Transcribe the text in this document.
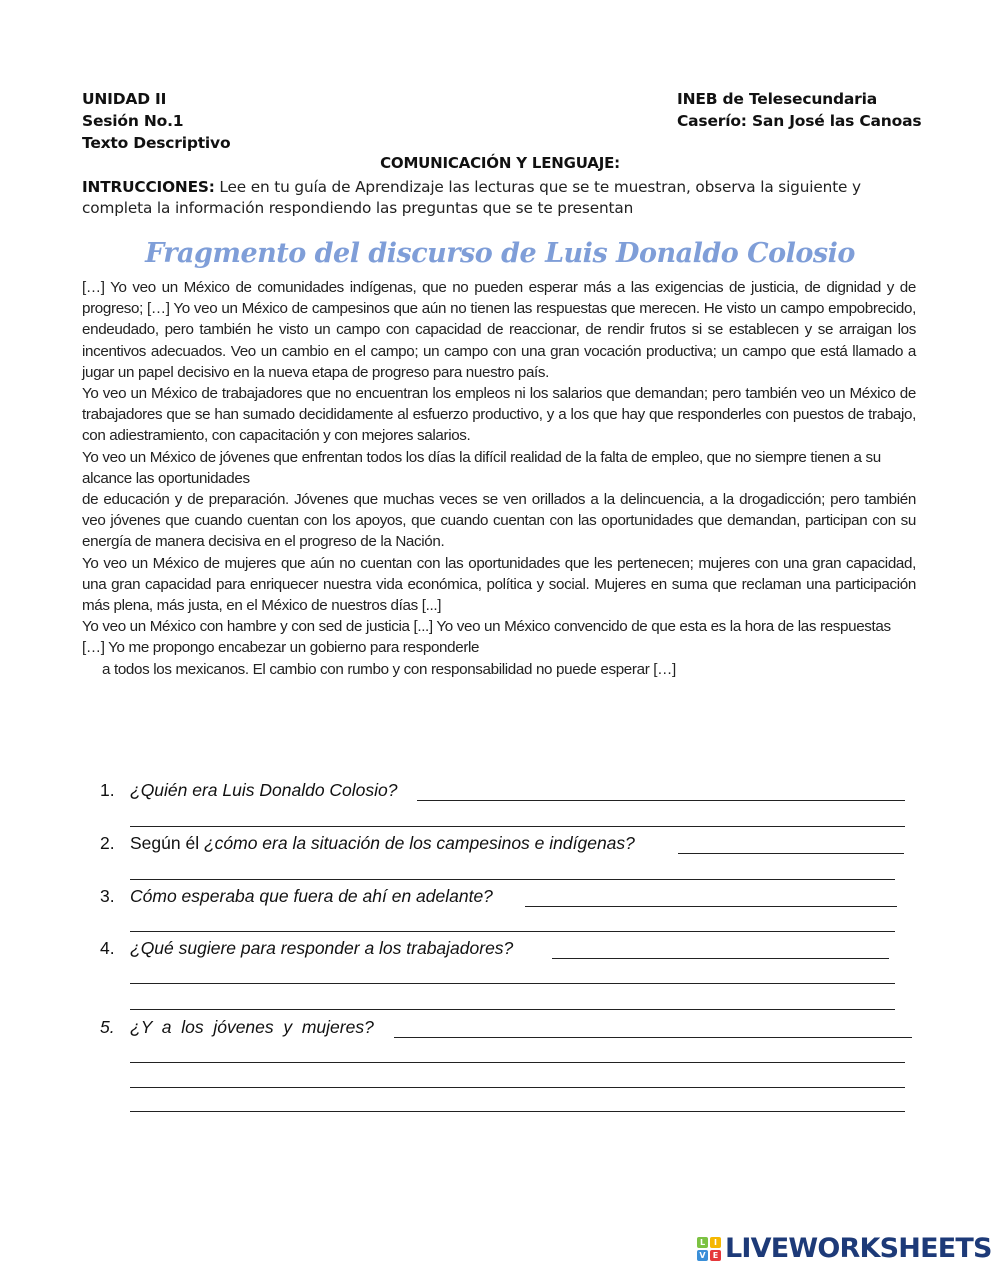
UNIDAD II
Sesión No.1
Texto Descriptivo
INEB de Telesecundaria
Caserío: San José las Canoas
COMUNICACIÓN Y LENGUAJE:
INTRUCCIONES: Lee en tu guía de Aprendizaje las lecturas que se te muestran, observa la siguiente y completa la información respondiendo las preguntas que se te presentan
Fragmento del discurso de Luis Donaldo Colosio

[…] Yo veo un México de comunidades indígenas, que no pueden esperar más a las exigencias de justicia, de dignidad y de progreso; […] Yo veo un México de campesinos que aún no tienen las respuestas que merecen. He visto un campo empobrecido, endeudado, pero también he visto un campo con capacidad de reaccionar, de rendir frutos si se establecen y se arraigan los incentivos adecuados. Veo un cambio en el campo; un campo con una gran vocación productiva; un campo que está llamado a jugar un papel decisivo en la nueva etapa de progreso para nuestro país.

Yo veo un México de trabajadores que no encuentran los empleos ni los salarios que demandan; pero también veo un México de trabajadores que se han sumado decididamente al esfuerzo productivo, y a los que hay que responderles con puestos de trabajo, con adiestramiento, con capacitación y con mejores salarios.

Yo veo un México de jóvenes que enfrentan todos los días la difícil realidad de la falta de empleo, que no siempre tienen a su alcance las oportunidades

de educación y de preparación. Jóvenes que muchas veces se ven orillados a la delincuencia, a la drogadicción; pero también veo jóvenes que cuando cuentan con los apoyos, que cuando cuentan con las oportunidades que demandan, participan con su energía de manera decisiva en el progreso de la Nación.

Yo veo un México de mujeres que aún no cuentan con las oportunidades que les pertenecen; mujeres con una gran capacidad, una gran capacidad para enriquecer nuestra vida económica, política y social. Mujeres en suma que reclaman una participación más plena, más justa, en el México de nuestros días [...]

Yo veo un México con hambre y con sed de justicia [...] Yo veo un México convencido de que esta es la hora de las respuestas […] Yo me propongo encabezar un gobierno para responderle

a todos los mexicanos. El cambio con rumbo y con responsabilidad no puede esperar […]

1. ¿Quién era Luis Donaldo Colosio?
2. Según él ¿cómo era la situación de los campesinos e indígenas?
3. Cómo esperaba que fuera de ahí en adelante?
4. ¿Qué sugiere para responder a los trabajadores?
5. ¿Y  a  los  jóvenes  y  mujeres?
L	I
V E LIVEWORKSHEETS
